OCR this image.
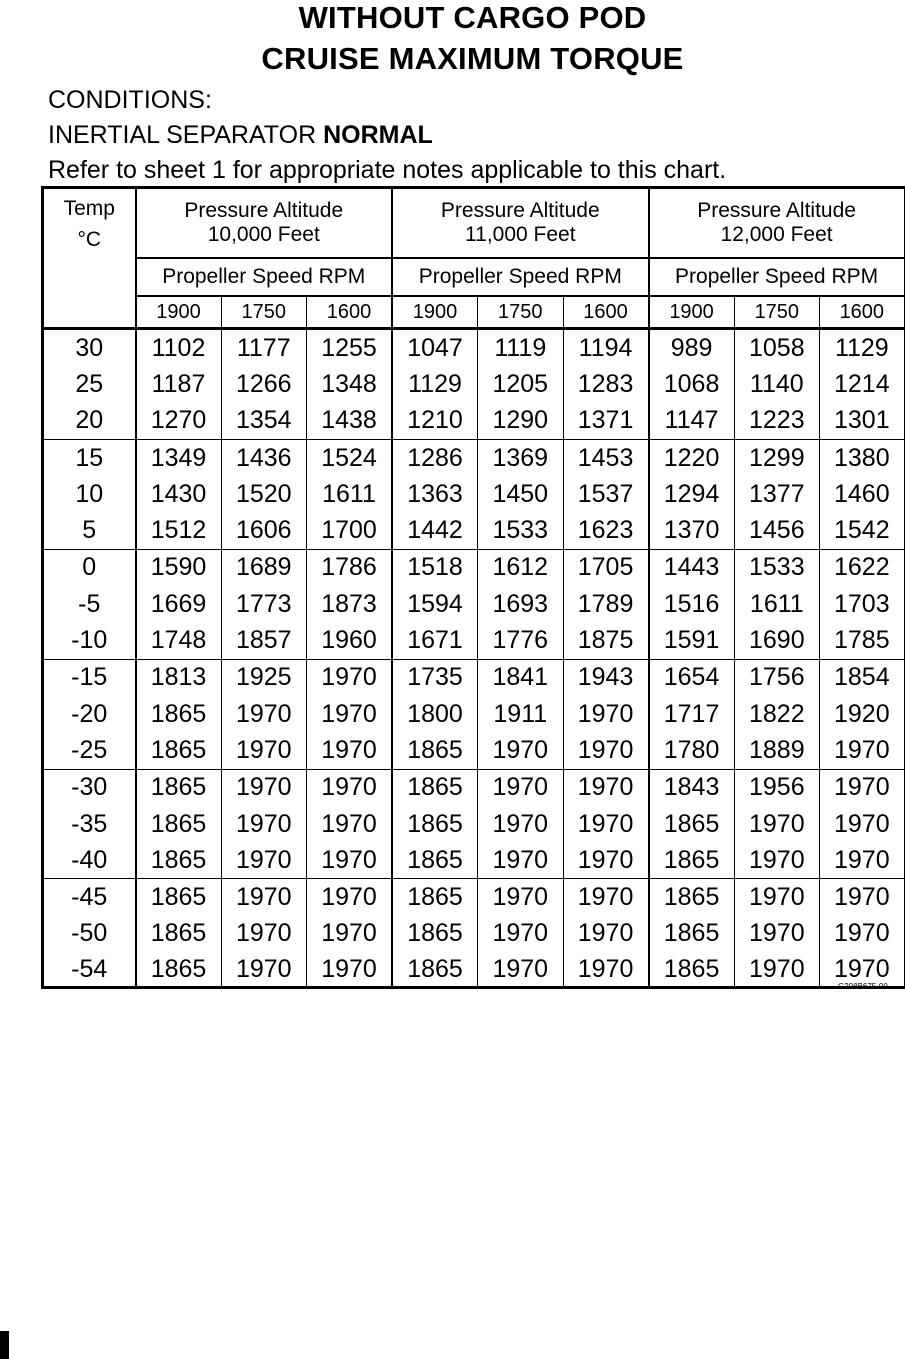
WITHOUT CARGO POD
CRUISE MAXIMUM TORQUE
CONDITIONS:
INERTIAL SEPARATOR NORMAL
Refer to sheet 1 for appropriate notes applicable to this chart.
Temp
°C	Pressure Altitude			Pressure Altitude			Pressure Altitude		
	10,000 Feet			11,000 Feet			12,000 Feet		
	Propeller Speed RPM			Propeller Speed RPM			Propeller Speed RPM		
	1900	1750	1600	1900	1750	1600	1900	1750	1600
30	1102	1177	1255	1047	1119	1194	989	1058	1129
25	1187	1266	1348	1129	1205	1283	1068	1140	1214
20	1270	1354	1438	1210	1290	1371	1147	1223	1301
15	1349	1436	1524	1286	1369	1453	1220	1299	1380
10	1430	1520	1611	1363	1450	1537	1294	1377	1460
5	1512	1606	1700	1442	1533	1623	1370	1456	1542
0	1590	1689	1786	1518	1612	1705	1443	1533	1622
-5	1669	1773	1873	1594	1693	1789	1516	1611	1703
-10	1748	1857	1960	1671	1776	1875	1591	1690	1785
-15	1813	1925	1970	1735	1841	1943	1654	1756	1854
-20	1865	1970	1970	1800	1911	1970	1717	1822	1920
-25	1865	1970	1970	1865	1970	1970	1780	1889	1970
-30	1865	1970	1970	1865	1970	1970	1843	1956	1970
-35	1865	1970	1970	1865	1970	1970	1865	1970	1970
-40	1865	1970	1970	1865	1970	1970	1865	1970	1970
-45	1865	1970	1970	1865	1970	1970	1865	1970	1970
-50	1865	1970	1970	1865	1970	1970	1865	1970	1970
-54	1865	1970	1970	1865	1970	1970	1865	1970	1970
G208B675-00
